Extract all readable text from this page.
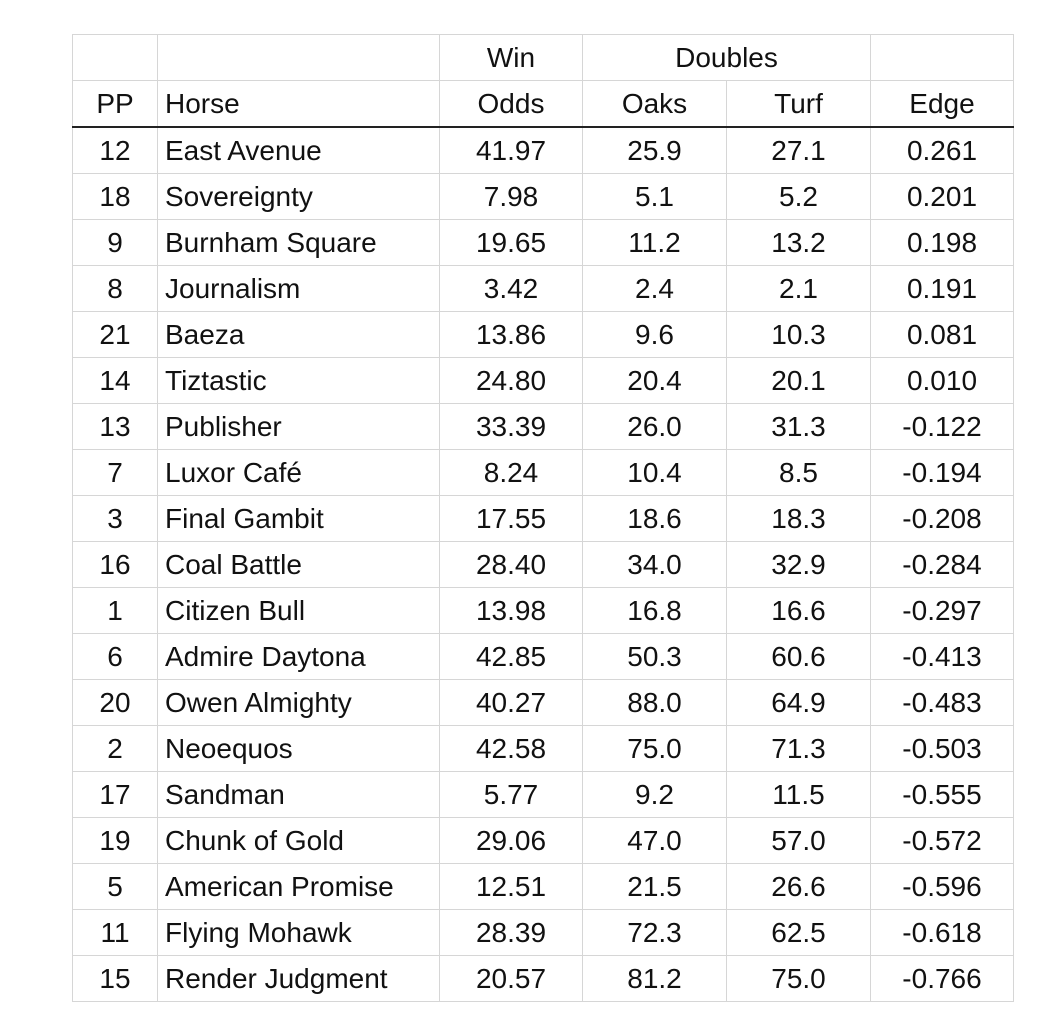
		Win	Doubles		
PP	Horse	Odds	Oaks	Turf	Edge
12	East Avenue	41.97	25.9	27.1	0.261
18	Sovereignty	7.98	5.1	5.2	0.201
9	Burnham Square	19.65	11.2	13.2	0.198
8	Journalism	3.42	2.4	2.1	0.191
21	Baeza	13.86	9.6	10.3	0.081
14	Tiztastic	24.80	20.4	20.1	0.010
13	Publisher	33.39	26.0	31.3	-0.122
7	Luxor Café	8.24	10.4	8.5	-0.194
3	Final Gambit	17.55	18.6	18.3	-0.208
16	Coal Battle	28.40	34.0	32.9	-0.284
1	Citizen Bull	13.98	16.8	16.6	-0.297
6	Admire Daytona	42.85	50.3	60.6	-0.413
20	Owen Almighty	40.27	88.0	64.9	-0.483
2	Neoequos	42.58	75.0	71.3	-0.503
17	Sandman	5.77	9.2	11.5	-0.555
19	Chunk of Gold	29.06	47.0	57.0	-0.572
5	American Promise	12.51	21.5	26.6	-0.596
11	Flying Mohawk	28.39	72.3	62.5	-0.618
15	Render Judgment	20.57	81.2	75.0	-0.766
